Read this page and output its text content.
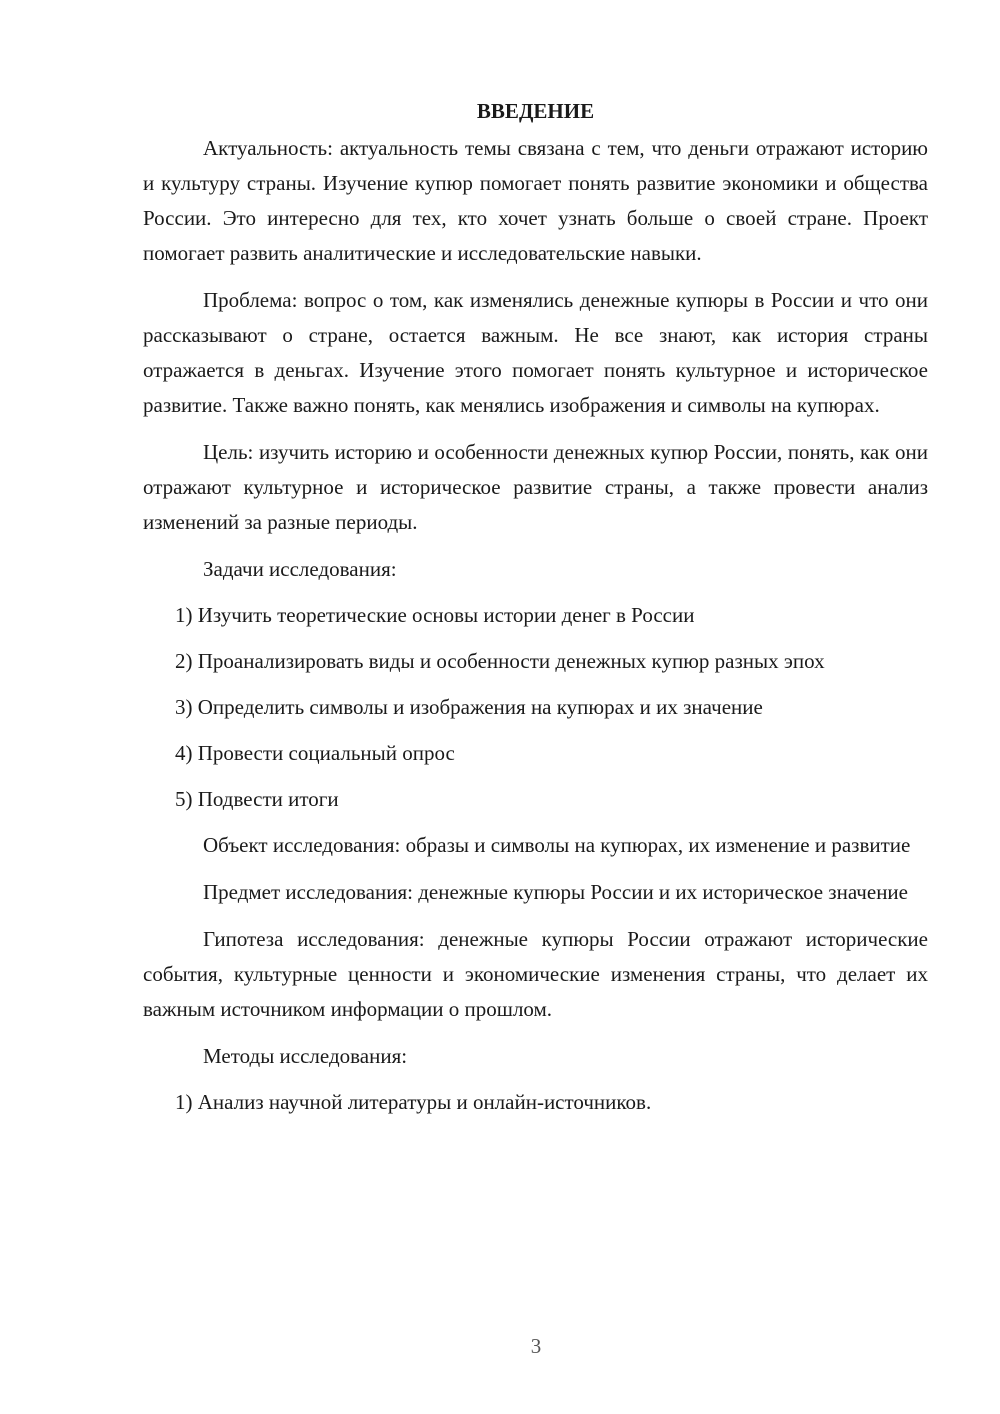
ВВЕДЕНИЕ
Актуальность: актуальность темы связана с тем, что деньги отражают историю и культуру страны. Изучение купюр помогает понять развитие экономики и общества России. Это интересно для тех, кто хочет узнать больше о своей стране. Проект помогает развить аналитические и исследовательские навыки.
Проблема: вопрос о том, как изменялись денежные купюры в России и что они рассказывают о стране, остается важным. Не все знают, как история страны отражается в деньгах. Изучение этого помогает понять культурное и историческое развитие. Также важно понять, как менялись изображения и символы на купюрах.
Цель: изучить историю и особенности денежных купюр России, понять, как они отражают культурное и историческое развитие страны, а также провести анализ изменений за разные периоды.
Задачи исследования:
1) Изучить теоретические основы истории денег в России
2) Проанализировать виды и особенности денежных купюр разных эпох
3) Определить символы и изображения на купюрах и их значение
4) Провести социальный опрос
5) Подвести итоги
Объект исследования: образы и символы на купюрах, их изменение и развитие
Предмет исследования: денежные купюры России и их историческое значение
Гипотеза исследования: денежные купюры России отражают исторические события, культурные ценности и экономические изменения страны, что делает их важным источником информации о прошлом.
Методы исследования:
1) Анализ научной литературы и онлайн-источников.
3
